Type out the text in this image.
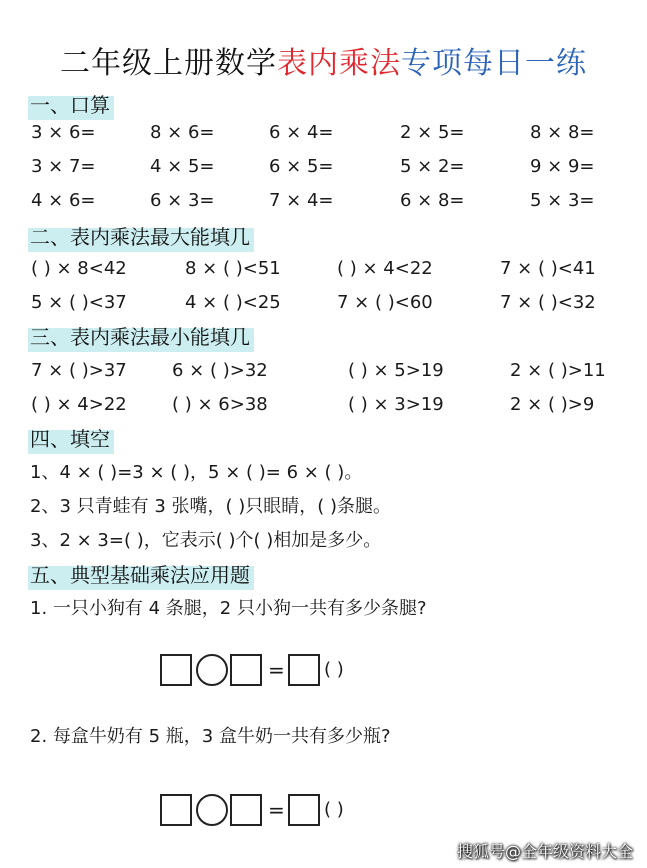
二年级上册数学表内乘法专项每日一练
一、口算
3 × 6=	8 × 6=	6 × 4=	2 × 5=	8 × 8=
3 × 7=	4 × 5=	6 × 5=	5 × 2=	9 × 9=
4 × 6=	6 × 3=	7 × 4=	6 × 8=	5 × 3=
二、表内乘法最大能填几
( ) × 8<42	8 × ( )<51	( ) × 4<22	7 × ( )<41
5 × ( )<37	4 × ( )<25	7 × ( )<60	7 × ( )<32
三、表内乘法最小能填几
7 × ( )>37	6 × ( )>32	( ) × 5>19	2 × ( )>11
( ) × 4>22	( ) × 6>38	( ) × 3>19	2 × ( )>9
四、填空
1、4 × ( )=3 × ( )，5 × ( )= 6 × ( )。
2、3 只青蛙有 3 张嘴，( )只眼睛，( )条腿。
3、2 × 3=( )，它表示( )个( )相加是多少。
五、典型基础乘法应用题
1. 一只小狗有 4 条腿，2 只小狗一共有多少条腿?
= ( )
2. 每盒牛奶有 5 瓶，3 盒牛奶一共有多少瓶?
= ( )
搜狐号@全年级资料大全
